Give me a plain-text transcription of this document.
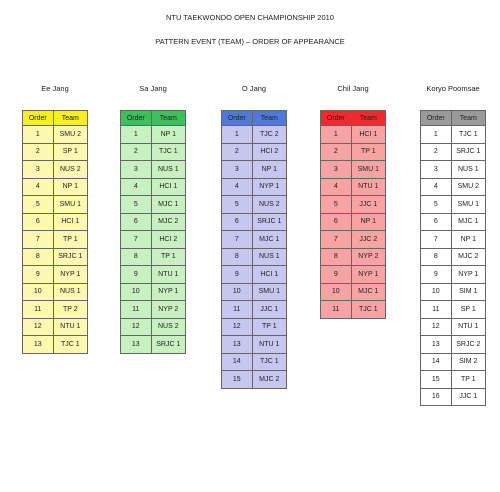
NTU TAEKWONDO OPEN CHAMPIONSHIP 2010
PATTERN EVENT (TEAM) – ORDER OF APPEARANCE
Ee Jang
Order	Team
1	SMU 2
2	SP 1
3	NUS 2
4	NP 1
5	SMU 1
6	HCI 1
7	TP 1
8	SRJC 1
9	NYP 1
10	NUS 1
11	TP 2
12	NTU 1
13	TJC 1
Sa Jang
Order	Team
1	NP 1
2	TJC 1
3	NUS 1
4	HCI 1
5	MJC 1
6	MJC 2
7	HCI 2
8	TP 1
9	NTU 1
10	NYP 1
11	NYP 2
12	NUS 2
13	SRJC 1
O Jang
Order	Team
1	TJC 2
2	HCI 2
3	NP 1
4	NYP 1
5	NUS 2
6	SRJC 1
7	MJC 1
8	NUS 1
9	HCI 1
10	SMU 1
11	JJC 1
12	TP 1
13	NTU 1
14	TJC 1
15	MJC 2
Chil Jang
Order	Team
1	HCI 1
2	TP 1
3	SMU 1
4	NTU 1
5	JJC 1
6	NP 1
7	JJC 2
8	NYP 2
9	NYP 1
10	MJC 1
11	TJC 1
Koryo Poomsae
Order	Team
1	TJC 1
2	SRJC 1
3	NUS 1
4	SMU 2
5	SMU 1
6	MJC 1
7	NP 1
8	MJC 2
9	NYP 1
10	SIM 1
11	SP 1
12	NTU 1
13	SRJC 2
14	SIM 2
15	TP 1
16	JJC 1
